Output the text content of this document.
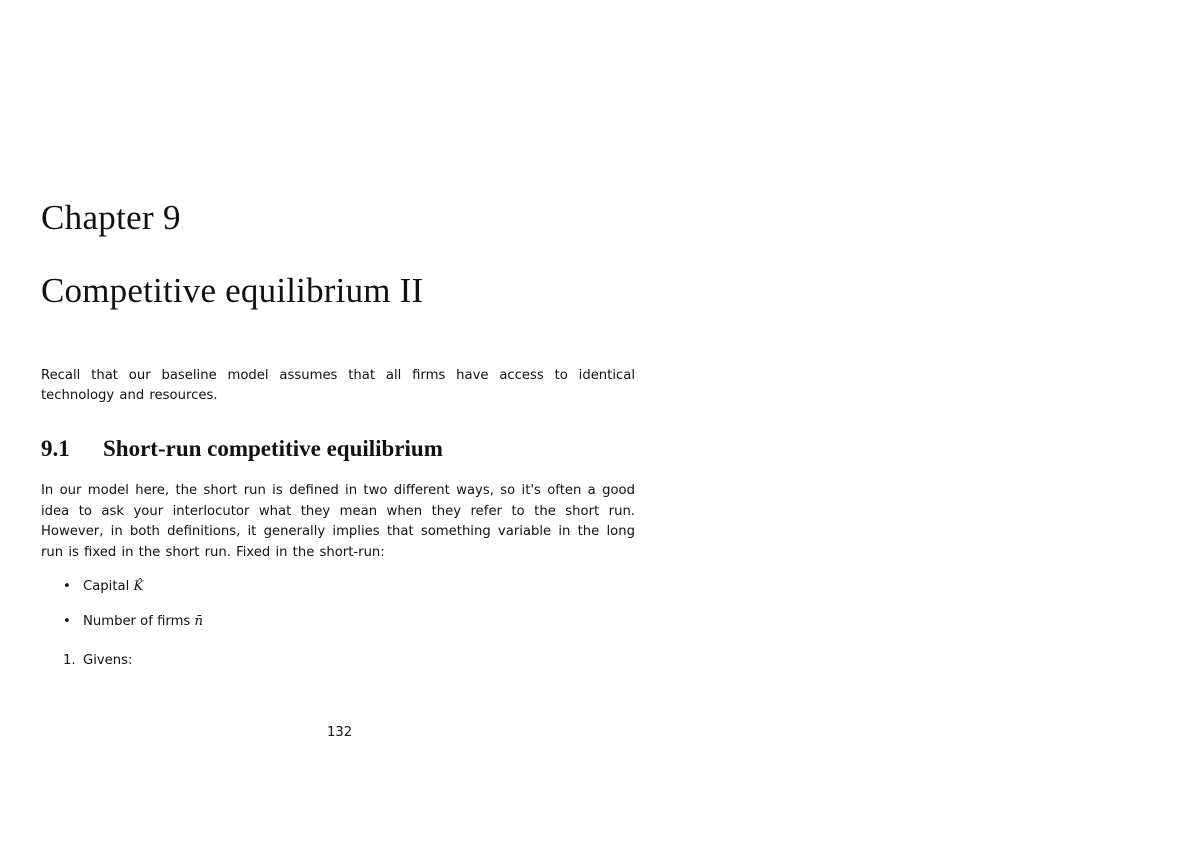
Chapter 9
Competitive equilibrium II

Recall that our baseline model assumes that all firms have access to identical technology and resources.

9.1 Short-run competitive equilibrium

In our model here, the short run is defined in two different ways, so it's often a good idea to ask your interlocutor what they mean when they refer to the short run. However, in both definitions, it generally implies that something variable in the long run is fixed in the short run. Fixed in the short-run:

• Capital K̂
• Number of firms n̄
1. Givens:
132
